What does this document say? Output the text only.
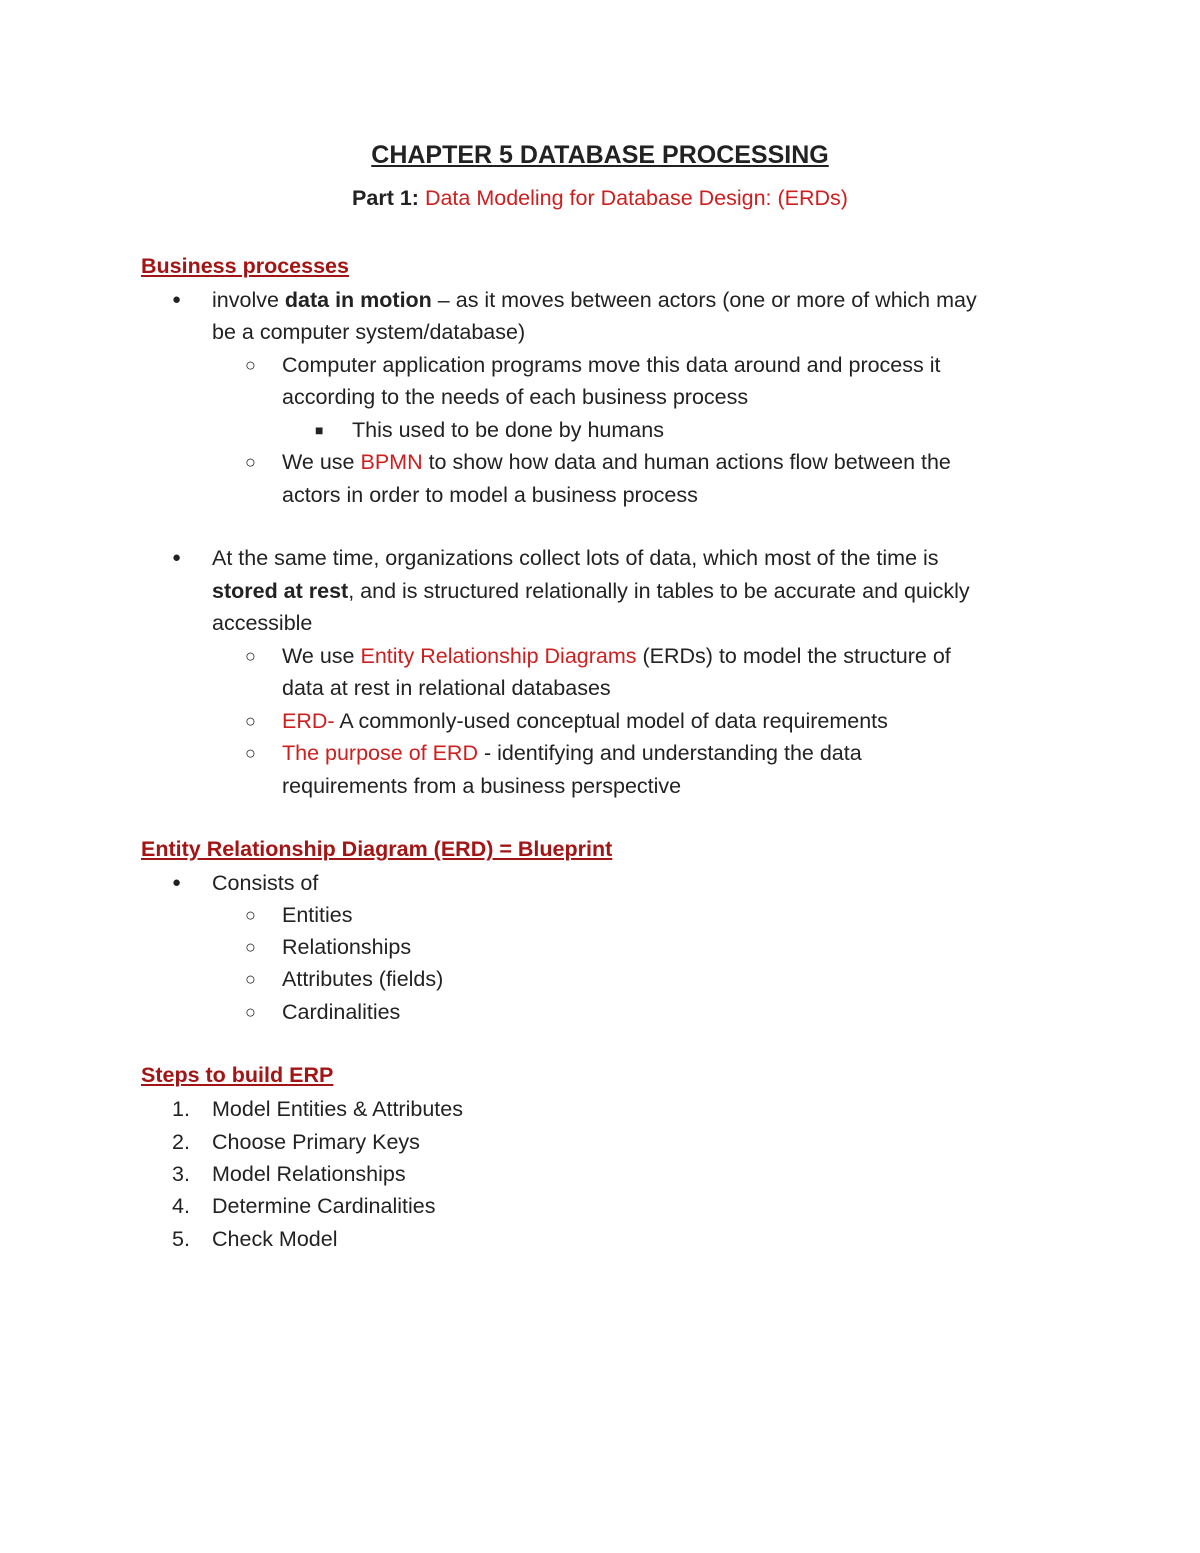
CHAPTER 5 DATABASE PROCESSING

Part 1: Data Modeling for Database Design: (ERDs)

Business processes

● involve data in motion – as it moves between actors (one or more of which may

be a computer system/database)

○ Computer application programs move this data around and process it

according to the needs of each business process

■ This used to be done by humans

○ We use BPMN to show how data and human actions flow between the

actors in order to model a business process

● At the same time, organizations collect lots of data, which most of the time is

stored at rest, and is structured relationally in tables to be accurate and quickly

accessible

○ We use Entity Relationship Diagrams (ERDs) to model the structure of

data at rest in relational databases

○ ERD- A commonly-used conceptual model of data requirements

○ The purpose of ERD - identifying and understanding the data

requirements from a business perspective

Entity Relationship Diagram (ERD) = Blueprint

● Consists of

○ Entities

○ Relationships

○ Attributes (fields)

○ Cardinalities

Steps to build ERP

1.	Model Entities & Attributes

2.	Choose Primary Keys

3.	Model Relationships

4.	Determine Cardinalities

5.	Check Model
